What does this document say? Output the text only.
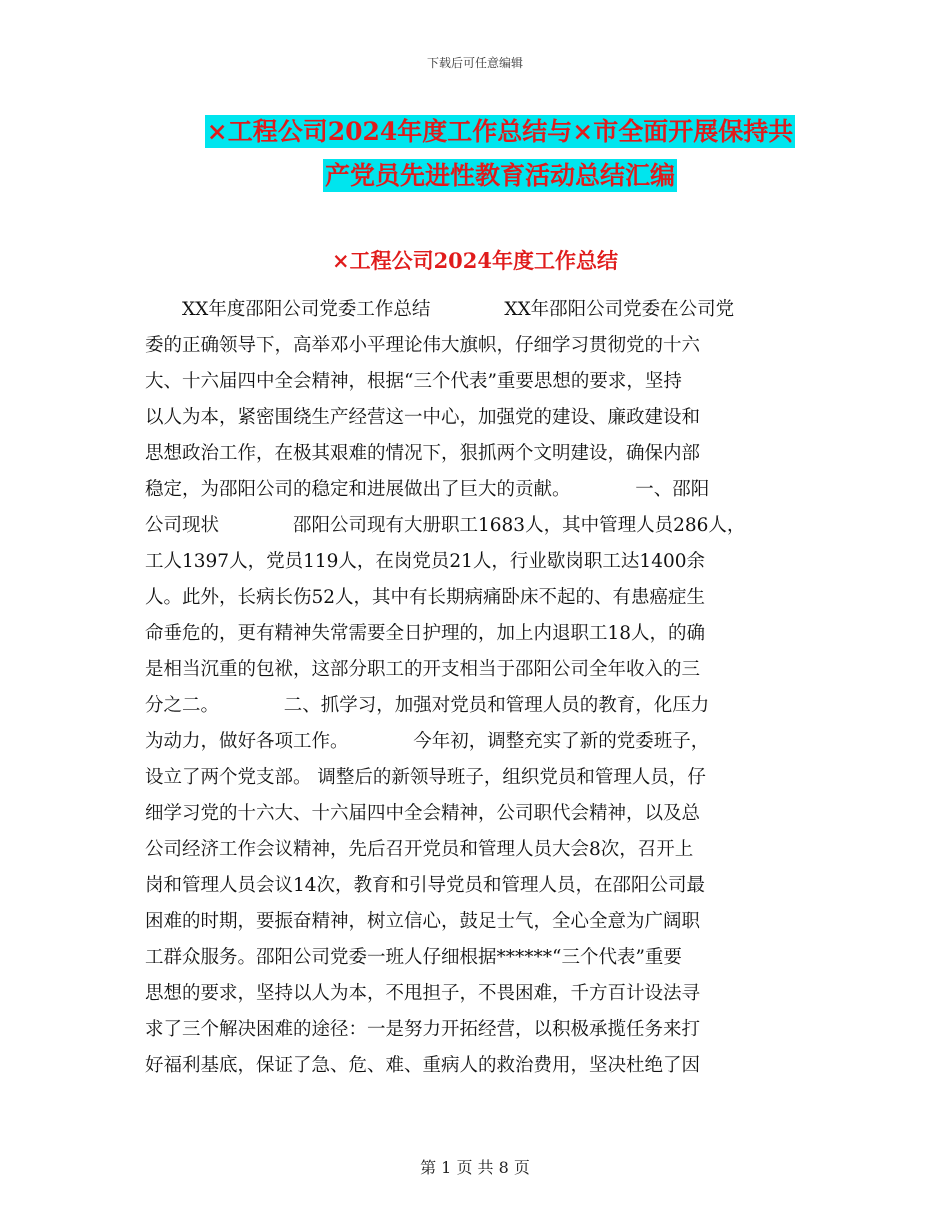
下载后可任意编辑
×工程公司2024年度工作总结与×市全面开展保持共
产党员先进性教育活动总结汇编
×工程公司2024年度工作总结
　　XX年度邵阳公司党委工作总结　　　　XX年邵阳公司党委在公司党
委的正确领导下，高举邓小平理论伟大旗帜，仔细学习贯彻党的十六
大、十六届四中全会精神，根据“三个代表”重要思想的要求，坚持
以人为本，紧密围绕生产经营这一中心，加强党的建设、廉政建设和
思想政治工作，在极其艰难的情况下，狠抓两个文明建设，确保内部
稳定，为邵阳公司的稳定和进展做出了巨大的贡献。　　　　一、邵阳
公司现状　　　　邵阳公司现有大册职工1683人，其中管理人员286人，
工人1397人，党员119人，在岗党员21人，行业歇岗职工达1400余
人。此外，长病长伤52人，其中有长期病痛卧床不起的、有患癌症生
命垂危的，更有精神失常需要全日护理的，加上内退职工18人，的确
是相当沉重的包袱，这部分职工的开支相当于邵阳公司全年收入的三
分之二。　　　　二、抓学习，加强对党员和管理人员的教育，化压力
为动力，做好各项工作。　　　　今年初，调整充实了新的党委班子，
设立了两个党支部。 调整后的新领导班子，组织党员和管理人员，仔
细学习党的十六大、十六届四中全会精神，公司职代会精神，以及总
公司经济工作会议精神，先后召开党员和管理人员大会8次，召开上
岗和管理人员会议14次，教育和引导党员和管理人员，在邵阳公司最
困难的时期，要振奋精神，树立信心，鼓足士气，全心全意为广阔职
工群众服务。邵阳公司党委一班人仔细根据******“三个代表”重要
思想的要求，坚持以人为本，不甩担子，不畏困难，千方百计设法寻
求了三个解决困难的途径：一是努力开拓经营，以积极承揽任务来打
好福利基底，保证了急、危、难、重病人的救治费用，坚决杜绝了因
第 1 页 共 8 页
